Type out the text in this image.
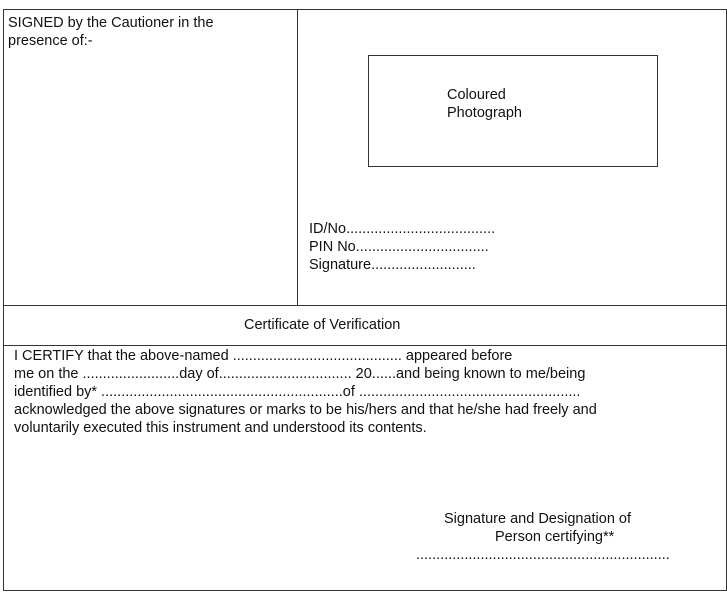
SIGNED by the Cautioner in the
presence of:-
Coloured
Photograph
ID/No.....................................
PIN No.................................
Signature..........................
Certificate of Verification
I CERTIFY that the above-named .......................................... appeared before
me on the ........................day of................................. 20......and being known to me/being
identified by* ............................................................of .......................................................
acknowledged the above signatures or marks to be his/hers and that he/she had freely and
voluntarily executed this instrument and understood its contents.
Signature and Designation of
Person certifying**
...............................................................
